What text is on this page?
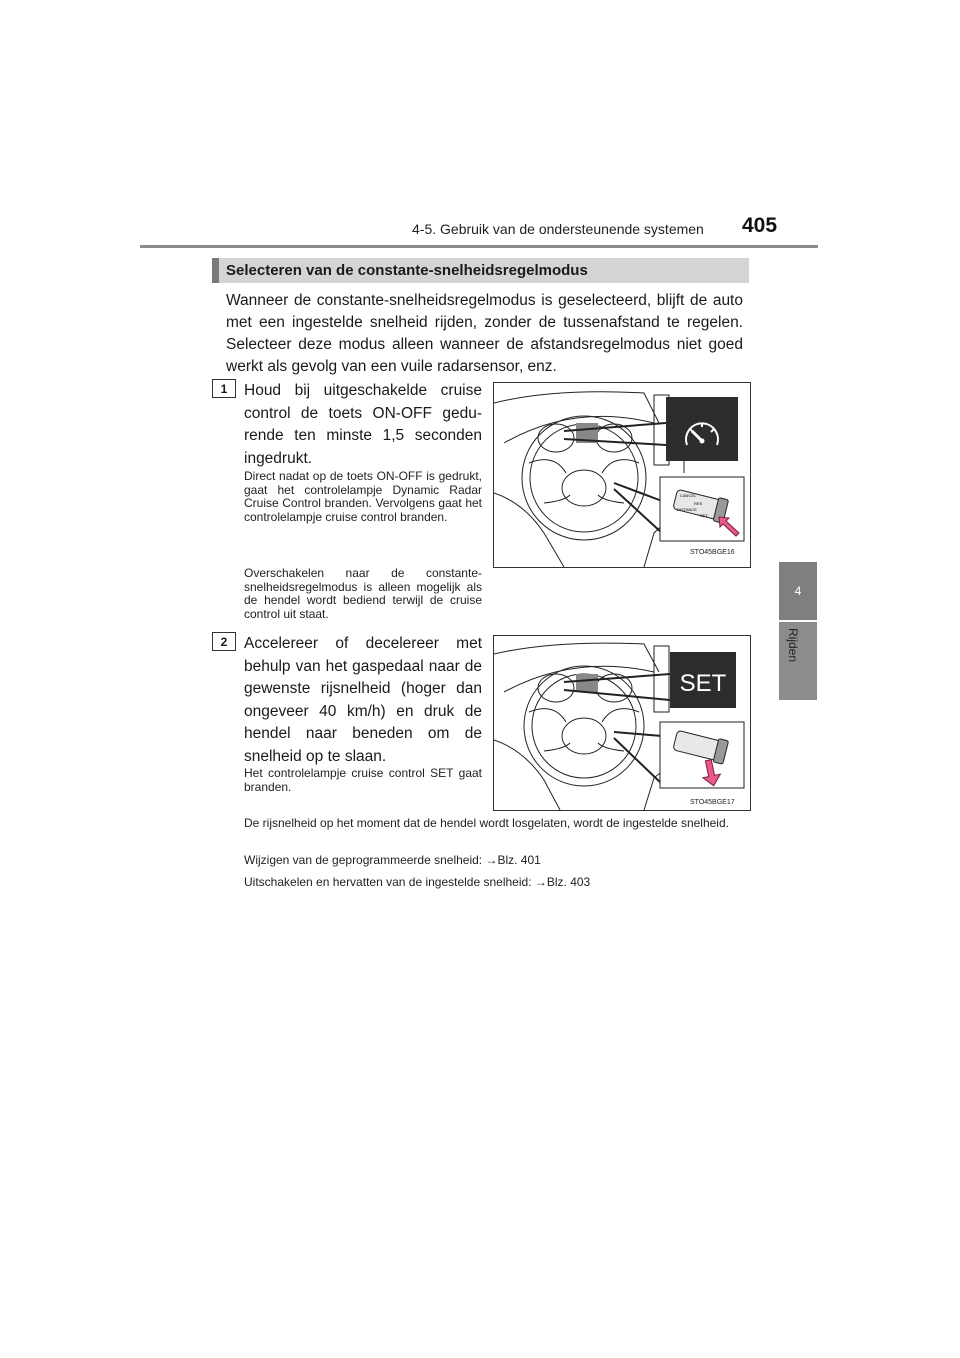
4-5. Gebruik van de ondersteunende systemen 405
4
Rijden
Selecteren van de constante-snelheidsregelmodus
Wanneer de constante-snelheidsregelmodus is geselecteerd, blijft de auto met een ingestelde snelheid rijden, zonder de tussenafstand te regelen. Selecteer deze modus alleen wanneer de afstandsregelmodus niet goed werkt als gevolg van een vuile radarsensor, enz.
1	Houd bij uitgeschakelde cruise control de toets ON-OFF gedurende ten minste 1,5 seconden ingedrukt.
Direct nadat op de toets ON-OFF is gedrukt, gaat het controlelampje Dynamic Radar Cruise Control branden. Vervolgens gaat het controlelampje cruise control branden.
Overschakelen naar de constante-snelheidsregelmodus is alleen mogelijk als de hendel wordt bediend terwijl de cruise control uit staat.
CANCEL
RES
DISTANCE
SET
STO45BGE16
2	Accelereer of decelereer met behulp van het gaspedaal naar de gewenste rijsnelheid (hoger dan ongeveer 40 km/h) en druk de hendel naar beneden om de snelheid op te slaan.
Het controlelampje cruise control SET gaat branden.
SET
STO45BGE17
De rijsnelheid op het moment dat de hendel wordt losgelaten, wordt de ingestelde snelheid.
Wijzigen van de geprogrammeerde snelheid: →Blz. 401
Uitschakelen en hervatten van de ingestelde snelheid: →Blz. 403
